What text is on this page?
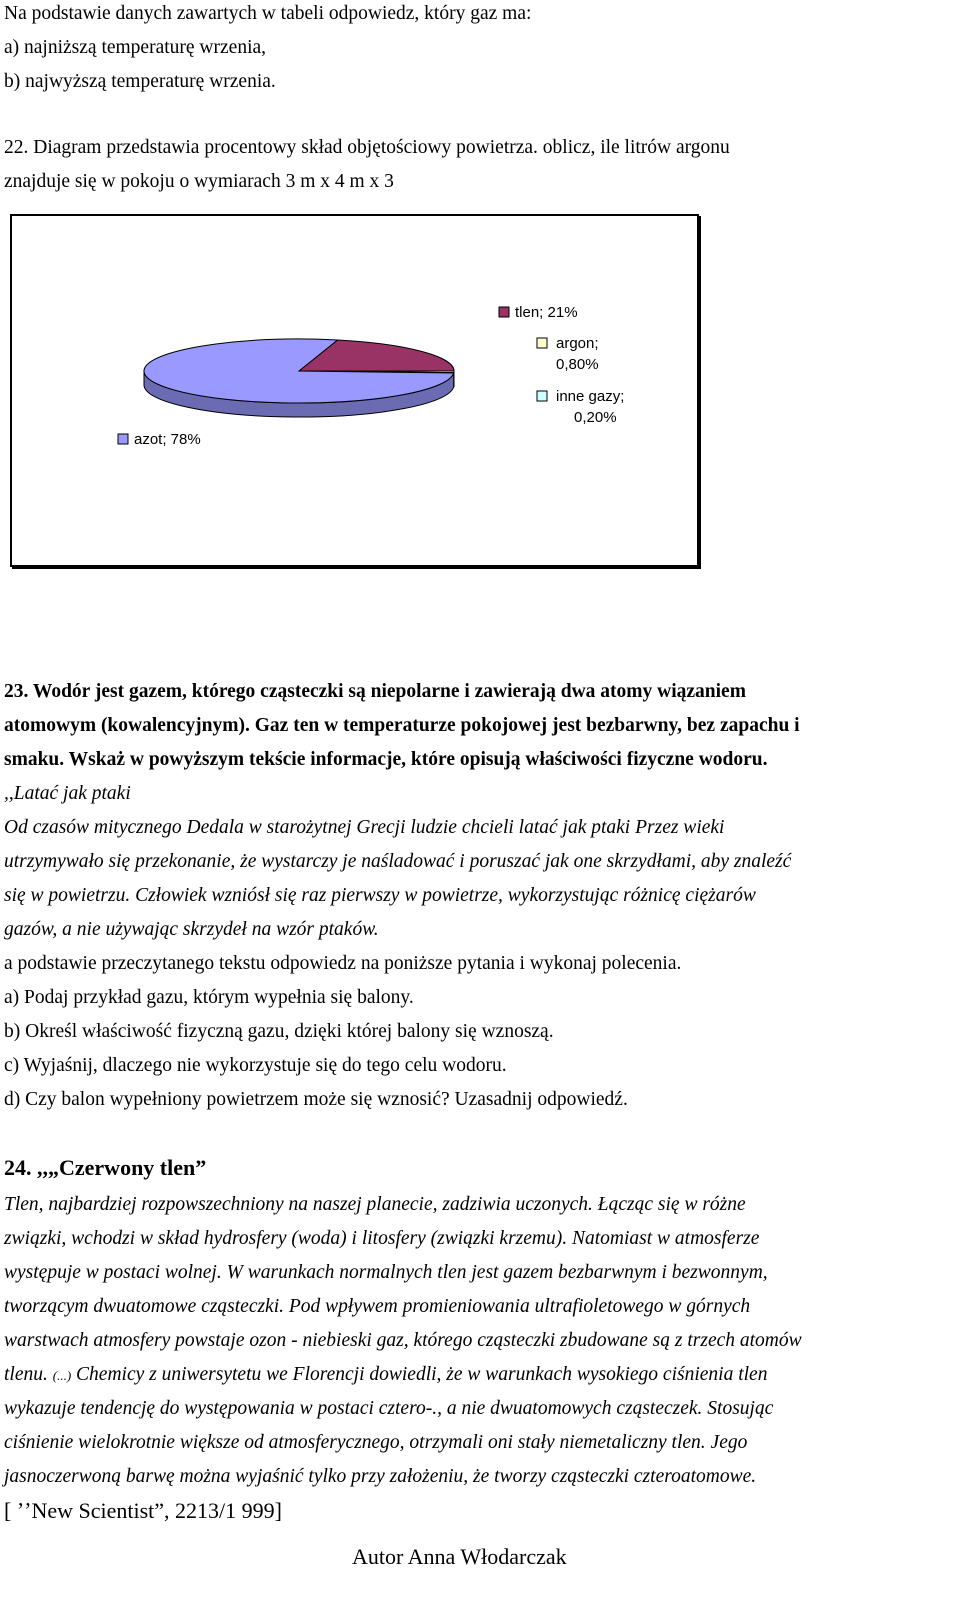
Na podstawie danych zawartych w tabeli odpowiedz, który gaz ma:
a) najniższą temperaturę wrzenia,
b) najwyższą temperaturę wrzenia.
22. Diagram przedstawia procentowy skład objętościowy powietrza. oblicz, ile litrów argonu
znajduje się w pokoju o wymiarach 3 m x 4 m x 3
tlen; 21%
argon;
0,80%
inne gazy;
0,20%
azot; 78%
23. Wodór jest gazem, którego cząsteczki są niepolarne i zawierają dwa atomy wiązaniem
atomowym (kowalencyjnym). Gaz ten w temperaturze pokojowej jest bezbarwny, bez zapachu i
smaku. Wskaż w powyższym tekście informacje, które opisują właściwości fizyczne wodoru.
,,Latać jak ptaki
Od czasów mitycznego Dedala w starożytnej Grecji ludzie chcieli latać jak ptaki Przez wieki
utrzymywało się przekonanie, że wystarczy je naśladować i poruszać jak one skrzydłami, aby znaleźć
się w powietrzu. Człowiek wzniósł się raz pierwszy w powietrze, wykorzystując różnicę ciężarów
gazów, a nie używając skrzydeł na wzór ptaków.
a podstawie przeczytanego tekstu odpowiedz na poniższe pytania i wykonaj polecenia.
a) Podaj przykład gazu, którym wypełnia się balony.
b) Określ właściwość fizyczną gazu, dzięki której balony się wznoszą.
c) Wyjaśnij, dlaczego nie wykorzystuje się do tego celu wodoru.
d) Czy balon wypełniony powietrzem może się wznosić? Uzasadnij odpowiedź.
24. ,,„Czerwony tlen”
Tlen, najbardziej rozpowszechniony na naszej planecie, zadziwia uczonych. Łącząc się w różne
związki, wchodzi w skład hydrosfery (woda) i litosfery (związki krzemu). Natomiast w atmosferze
występuje w postaci wolnej. W warunkach normalnych tlen jest gazem bezbarwnym i bezwonnym,
tworzącym dwuatomowe cząsteczki. Pod wpływem promieniowania ultrafioletowego w górnych
warstwach atmosfery powstaje ozon - niebieski gaz, którego cząsteczki zbudowane są z trzech atomów
tlenu. (...) Chemicy z uniwersytetu we Florencji dowiedli, że w warunkach wysokiego ciśnienia tlen
wykazuje tendencję do występowania w postaci cztero-., a nie dwuatomowych cząsteczek. Stosując
ciśnienie wielokrotnie większe od atmosferycznego, otrzymali oni stały niemetaliczny tlen. Jego
jasnoczerwoną barwę można wyjaśnić tylko przy założeniu, że tworzy cząsteczki czteroatomowe.
[ ʼʼNew Scientist”, 2213/1 999]
Autor Anna Włodarczak
